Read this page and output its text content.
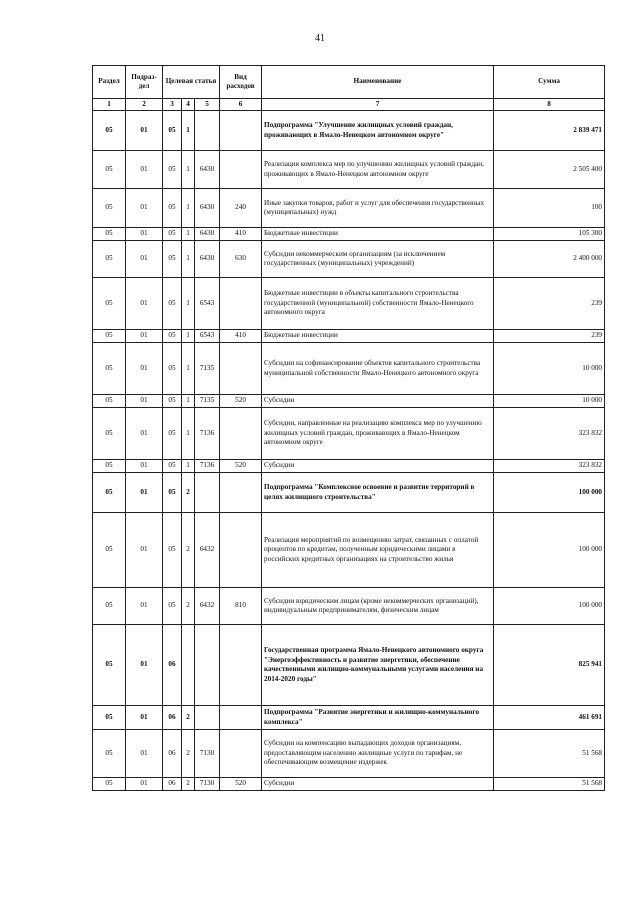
41
Раздел	Подраз-дел	Целевая статья			Вид расходов	Наименование	Сумма
1	2	3	4	5	6	7	8
05	01	05	1			Подпрограмма "Улучшение жилищных условий граждан, проживающих в Ямало-Ненецком автономном округе"	2 839 471
05	01	05	1	6430		Реализация комплекса мер по улучшению жилищных условий граждан, проживающих в Ямало-Ненецком автономном округе	2 505 400
05	01	05	1	6430	240	Иные закупки товаров, работ и услуг для обеспечения государственных (муниципальных) нужд	100
05	01	05	1	6430	410	Бюджетные инвестиции	105 300
05	01	05	1	6430	630	Субсидии некоммерческим организациям (за исключением государственных (муниципальных) учреждений)	2 400 000
05	01	05	1	6543		Бюджетные инвестиции в объекты капитального строительства государственной (муниципальной) собственности Ямало-Ненецкого автономного округа	239
05	01	05	1	6543	410	Бюджетные инвестиции	239
05	01	05	1	7135		Субсидии на софинансирование объектов капитального строительства муниципальной собственности Ямало-Ненецкого автономного округа	10 000
05	01	05	1	7135	520	Субсидии	10 000
05	01	05	1	7136		Субсидии, направленные на реализацию комплекса мер по улучшению жилищных условий граждан, проживающих в Ямало-Ненецком автономном округе	323 832
05	01	05	1	7136	520	Субсидии	323 832
05	01	05	2			Подпрограмма "Комплексное освоение и развитие территорий в целях жилищного строительства"	100 000
05	01	05	2	6432		Реализация мероприятий по возмещению затрат, связанных с оплатой процентов по кредитам, полученным юридическими лицами в российских кредитных организациях на строительство жилья	100 000
05	01	05	2	6432	810	Субсидии юридическим лицам (кроме некоммерческих организаций), индивидуальным предпринимателям, физическим лицам	100 000
05	01	06				Государственная программа Ямало-Ненецкого автономного округа "Энергоэффективность и развитие энергетики, обеспечение качественными жилищно-коммунальными услугами населения на 2014-2020 годы"	825 941
05	01	06	2			Подпрограмма "Развитие энергетики и жилищно-коммунального комплекса"	461 691
05	01	06	2	7130		Субсидии на компенсацию выпадающих доходов организациям, предоставляющим населению жилищные услуги по тарифам, не обеспечивающим возмещение издержек	51 568
05	01	06	2	7130	520	Субсидии	51 568
